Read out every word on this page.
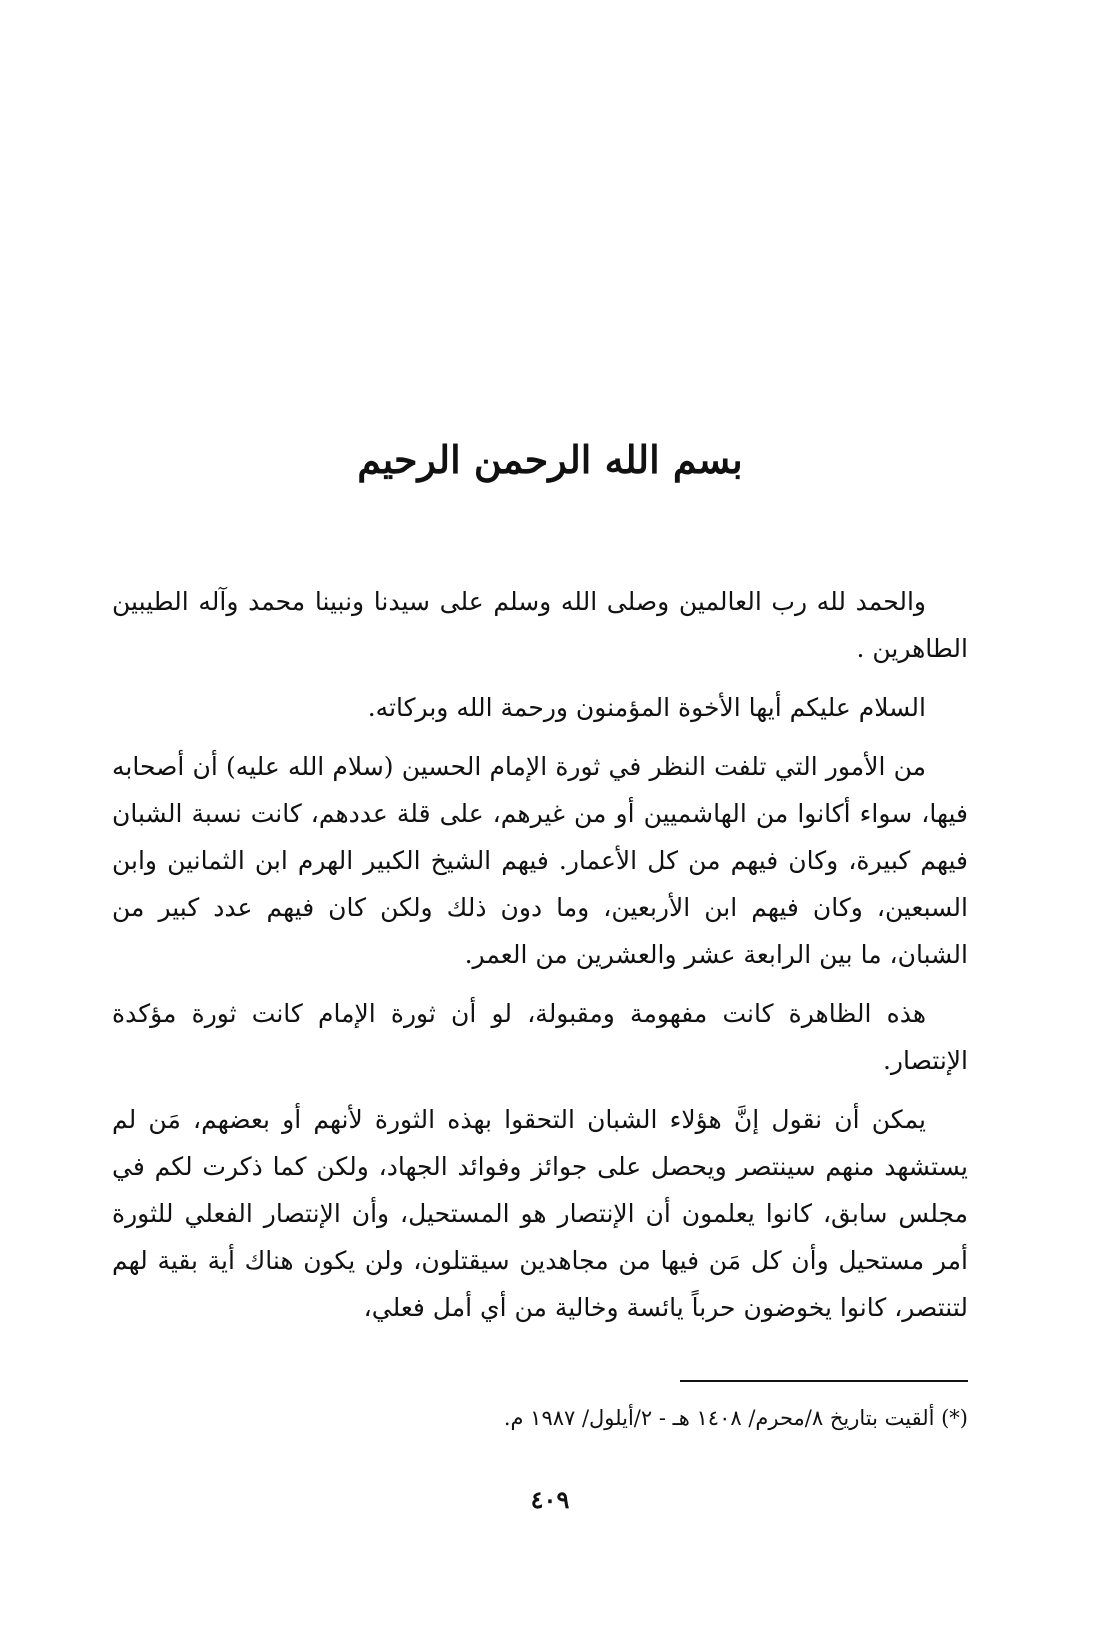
بسم الله الرحمن الرحيم

والحمد لله رب العالمين وصلى الله وسلم على سيدنا ونبينا محمد وآله الطيبين الطاهرين .

السلام عليكم أيها الأخوة المؤمنون ورحمة الله وبركاته.

من الأمور التي تلفت النظر في ثورة الإمام الحسين (سلام الله عليه) أن أصحابه فيها، سواء أكانوا من الهاشميين أو من غيرهم، على قلة عددهم، كانت نسبة الشبان فيهم كبيرة، وكان فيهم من كل الأعمار. فيهم الشيخ الكبير الهرم ابن الثمانين وابن السبعين، وكان فيهم ابن الأربعين، وما دون ذلك ولكن كان فيهم عدد كبير من الشبان، ما بين الرابعة عشر والعشرين من العمر.

هذه الظاهرة كانت مفهومة ومقبولة، لو أن ثورة الإمام كانت ثورة مؤكدة الإنتصار.

يمكن أن نقول إنَّ هؤلاء الشبان التحقوا بهذه الثورة لأنهم أو بعضهم، مَن لم يستشهد منهم سينتصر ويحصل على جوائز وفوائد الجهاد، ولكن كما ذكرت لكم في مجلس سابق، كانوا يعلمون أن الإنتصار هو المستحيل، وأن الإنتصار الفعلي للثورة أمر مستحيل وأن كل مَن فيها من مجاهدين سيقتلون، ولن يكون هناك أية بقية لهم لتنتصر، كانوا يخوضون حرباً يائسة وخالية من أي أمل فعلي،

(*) ألقيت بتاريخ ٨/محرم/ ١٤٠٨ هـ - ٢/أيلول/ ١٩٨٧ م.

٤٠٩
